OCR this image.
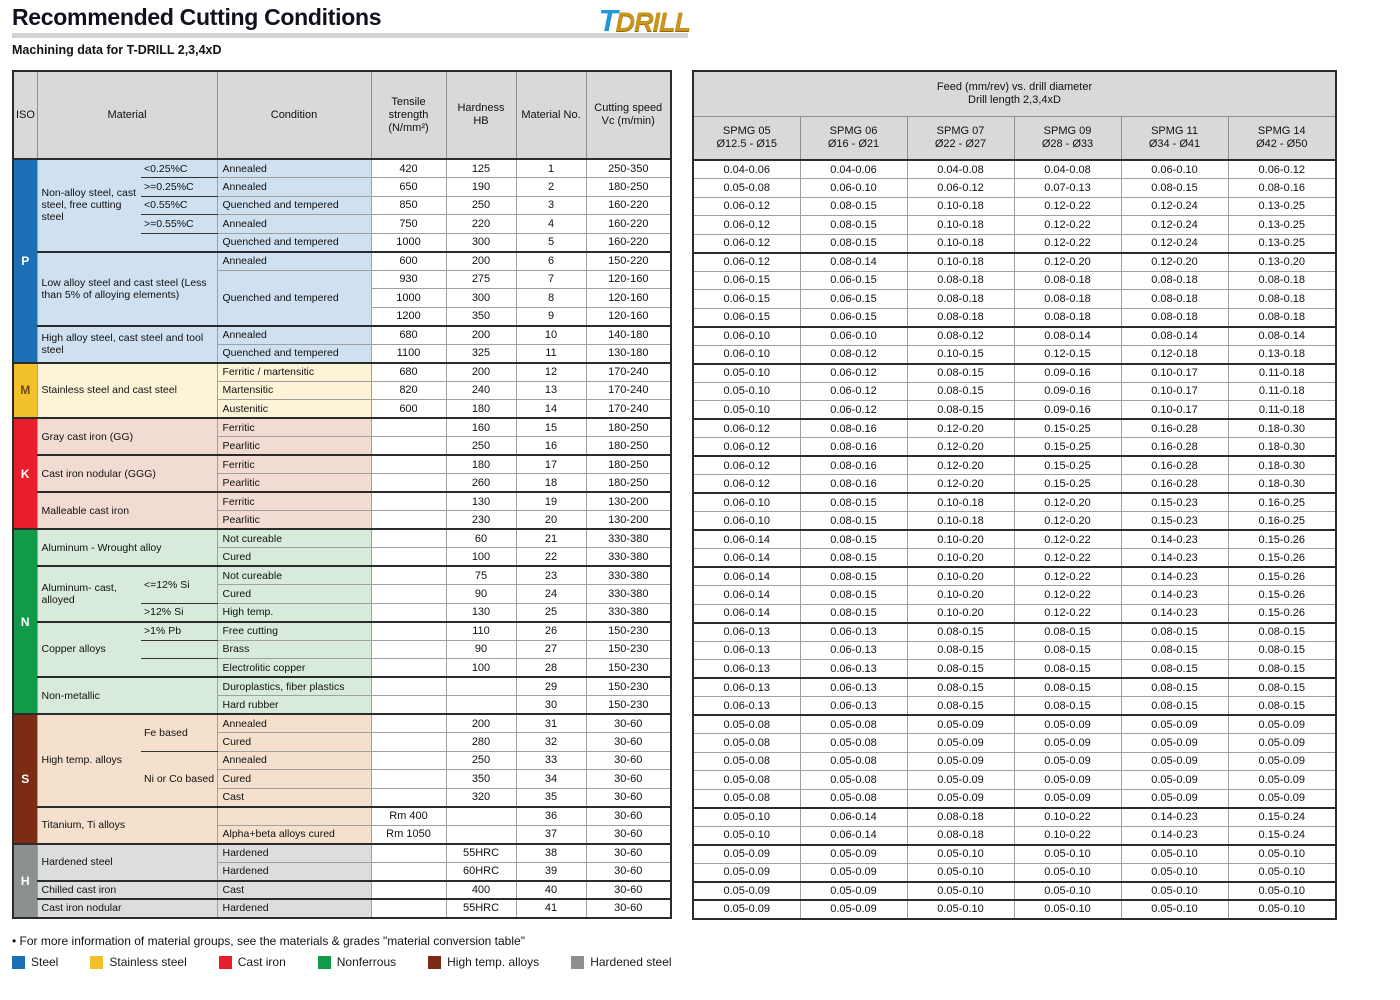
Recommended Cutting Conditions	TDRILL
Machining data for T-DRILL 2,3,4xD
ISO	Material		Condition	Tensile strength (N/mm²)	Hardness HB	Material No.	Cutting speed Vc (m/min)
P	Non-alloy steel, cast steel, free cutting steel	<0.25%C	Annealed	420	125	1	250-350
		>=0.25%C	Annealed	650	190	2	180-250
		<0.55%C	Quenched and tempered	850	250	3	160-220
		>=0.55%C	Annealed	750	220	4	160-220
			Quenched and tempered	1000	300	5	160-220
	Low alloy steel and cast steel (Less than 5% of alloying elements)		Annealed	600	200	6	150-220
			Quenched and tempered	930	275	7	120-160
				1000	300	8	120-160
				1200	350	9	120-160
	High alloy steel, cast steel and tool steel		Annealed	680	200	10	140-180
			Quenched and tempered	1100	325	11	130-180
M	Stainless steel and cast steel		Ferritic / martensitic	680	200	12	170-240
			Martensitic	820	240	13	170-240
			Austenitic	600	180	14	170-240
K	Gray cast iron (GG)		Ferritic		160	15	180-250
			Pearlitic		250	16	180-250
	Cast iron nodular (GGG)		Ferritic		180	17	180-250
			Pearlitic		260	18	180-250
	Malleable cast iron		Ferritic		130	19	130-200
			Pearlitic		230	20	130-200
N	Aluminum - Wrought alloy		Not cureable		60	21	330-380
			Cured		100	22	330-380
	Aluminum- cast, alloyed	<=12% Si	Not cureable		75	23	330-380
			Cured		90	24	330-380
		>12% Si	High temp.		130	25	330-380
	Copper alloys	>1% Pb	Free cutting		110	26	150-230
			Brass		90	27	150-230
			Electrolitic copper		100	28	150-230
	Non-metallic		Duroplastics, fiber plastics			29	150-230
			Hard rubber			30	150-230
S	High temp. alloys	Fe based	Annealed		200	31	30-60
			Cured		280	32	30-60
		Ni or Co based	Annealed		250	33	30-60
			Cured		350	34	30-60
			Cast		320	35	30-60
	Titanium, Ti alloys			Rm 400		36	30-60
			Alpha+beta alloys cured	Rm 1050		37	30-60
H	Hardened steel		Hardened		55HRC	38	30-60
			Hardened		60HRC	39	30-60
	Chilled cast iron		Cast		400	40	30-60
	Cast iron nodular		Hardened		55HRC	41	30-60
Feed (mm/rev) vs. drill diameter
Drill length 2,3,4xD					

SPMG 05
Ø12.5 - Ø15

SPMG 06
Ø16 - Ø21

SPMG 07
Ø22 - Ø27

SPMG 09
Ø28 - Ø33

SPMG 11
Ø34 - Ø41

SPMG 14
Ø42 - Ø50

0.04-0.06	0.04-0.06	0.04-0.08	0.04-0.08	0.06-0.10	0.06-0.12
0.05-0.08	0.06-0.10	0.06-0.12	0.07-0.13	0.08-0.15	0.08-0.16
0.06-0.12	0.08-0.15	0.10-0.18	0.12-0.22	0.12-0.24	0.13-0.25
0.06-0.12	0.08-0.15	0.10-0.18	0.12-0.22	0.12-0.24	0.13-0.25
0.06-0.12	0.08-0.15	0.10-0.18	0.12-0.22	0.12-0.24	0.13-0.25
0.06-0.12	0.08-0.14	0.10-0.18	0.12-0.20	0.12-0.20	0.13-0.20
0.06-0.15	0.06-0.15	0.08-0.18	0.08-0.18	0.08-0.18	0.08-0.18
0.06-0.15	0.06-0.15	0.08-0.18	0.08-0.18	0.08-0.18	0.08-0.18
0.06-0.15	0.06-0.15	0.08-0.18	0.08-0.18	0.08-0.18	0.08-0.18
0.06-0.10	0.06-0.10	0.08-0.12	0.08-0.14	0.08-0.14	0.08-0.14
0.06-0.10	0.08-0.12	0.10-0.15	0.12-0.15	0.12-0.18	0.13-0.18
0.05-0.10	0.06-0.12	0.08-0.15	0.09-0.16	0.10-0.17	0.11-0.18
0.05-0.10	0.06-0.12	0.08-0.15	0.09-0.16	0.10-0.17	0.11-0.18
0.05-0.10	0.06-0.12	0.08-0.15	0.09-0.16	0.10-0.17	0.11-0.18
0.06-0.12	0.08-0.16	0.12-0.20	0.15-0.25	0.16-0.28	0.18-0.30
0.06-0.12	0.08-0.16	0.12-0.20	0.15-0.25	0.16-0.28	0.18-0.30
0.06-0.12	0.08-0.16	0.12-0.20	0.15-0.25	0.16-0.28	0.18-0.30
0.06-0.12	0.08-0.16	0.12-0.20	0.15-0.25	0.16-0.28	0.18-0.30
0.06-0.10	0.08-0.15	0.10-0.18	0.12-0.20	0.15-0.23	0.16-0.25
0.06-0.10	0.08-0.15	0.10-0.18	0.12-0.20	0.15-0.23	0.16-0.25
0.06-0.14	0.08-0.15	0.10-0.20	0.12-0.22	0.14-0.23	0.15-0.26
0.06-0.14	0.08-0.15	0.10-0.20	0.12-0.22	0.14-0.23	0.15-0.26
0.06-0.14	0.08-0.15	0.10-0.20	0.12-0.22	0.14-0.23	0.15-0.26
0.06-0.14	0.08-0.15	0.10-0.20	0.12-0.22	0.14-0.23	0.15-0.26
0.06-0.14	0.08-0.15	0.10-0.20	0.12-0.22	0.14-0.23	0.15-0.26
0.06-0.13	0.06-0.13	0.08-0.15	0.08-0.15	0.08-0.15	0.08-0.15
0.06-0.13	0.06-0.13	0.08-0.15	0.08-0.15	0.08-0.15	0.08-0.15
0.06-0.13	0.06-0.13	0.08-0.15	0.08-0.15	0.08-0.15	0.08-0.15
0.06-0.13	0.06-0.13	0.08-0.15	0.08-0.15	0.08-0.15	0.08-0.15
0.06-0.13	0.06-0.13	0.08-0.15	0.08-0.15	0.08-0.15	0.08-0.15
0.05-0.08	0.05-0.08	0.05-0.09	0.05-0.09	0.05-0.09	0.05-0.09
0.05-0.08	0.05-0.08	0.05-0.09	0.05-0.09	0.05-0.09	0.05-0.09
0.05-0.08	0.05-0.08	0.05-0.09	0.05-0.09	0.05-0.09	0.05-0.09
0.05-0.08	0.05-0.08	0.05-0.09	0.05-0.09	0.05-0.09	0.05-0.09
0.05-0.08	0.05-0.08	0.05-0.09	0.05-0.09	0.05-0.09	0.05-0.09
0.05-0.10	0.06-0.14	0.08-0.18	0.10-0.22	0.14-0.23	0.15-0.24
0.05-0.10	0.06-0.14	0.08-0.18	0.10-0.22	0.14-0.23	0.15-0.24
0.05-0.09	0.05-0.09	0.05-0.10	0.05-0.10	0.05-0.10	0.05-0.10
0.05-0.09	0.05-0.09	0.05-0.10	0.05-0.10	0.05-0.10	0.05-0.10
0.05-0.09	0.05-0.09	0.05-0.10	0.05-0.10	0.05-0.10	0.05-0.10
0.05-0.09	0.05-0.09	0.05-0.10	0.05-0.10	0.05-0.10	0.05-0.10
• For more information of material groups, see the materials & grades "material conversion table"
Steel	Stainless steel	Cast iron	Nonferrous	High temp. alloys	Hardened steel
